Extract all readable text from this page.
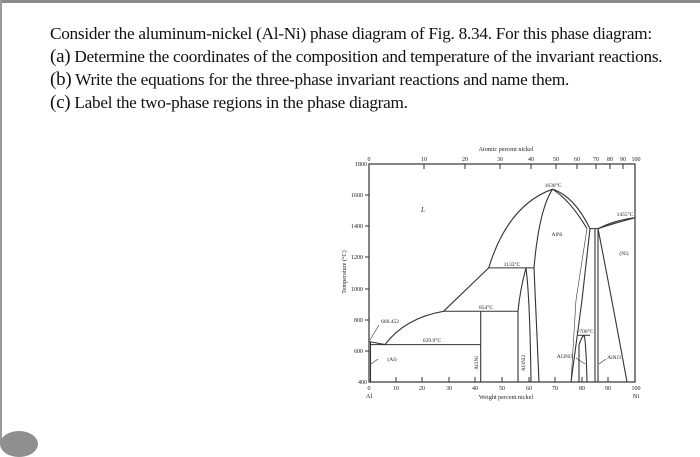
Consider the aluminum-nickel (Al-Ni) phase diagram of Fig. 8.34. For this phase diagram:
(a) Determine the coordinates of the composition and temperature of the invariant reactions.
(b) Write the equations for the three-phase invariant reactions and name them.
(c) Label the two-phase regions in the phase diagram.
0	10	20	30	40	50	60 70 80 90 100
Atomic percent nickel
1800
1600
1400
1200
1000
800
600
400
Temperature (°C)
0	10	20	30	40	50	60	70	80	90	100
Al	Ni
Weight percent nickel
L
AlNi
(Ni)
(Al)	Al3Ni	Al3Ni2	Al3Ni5	AlNi3
1638°C
1455°C
1133°C
854°C
~700°C
660.452
639.9°C
